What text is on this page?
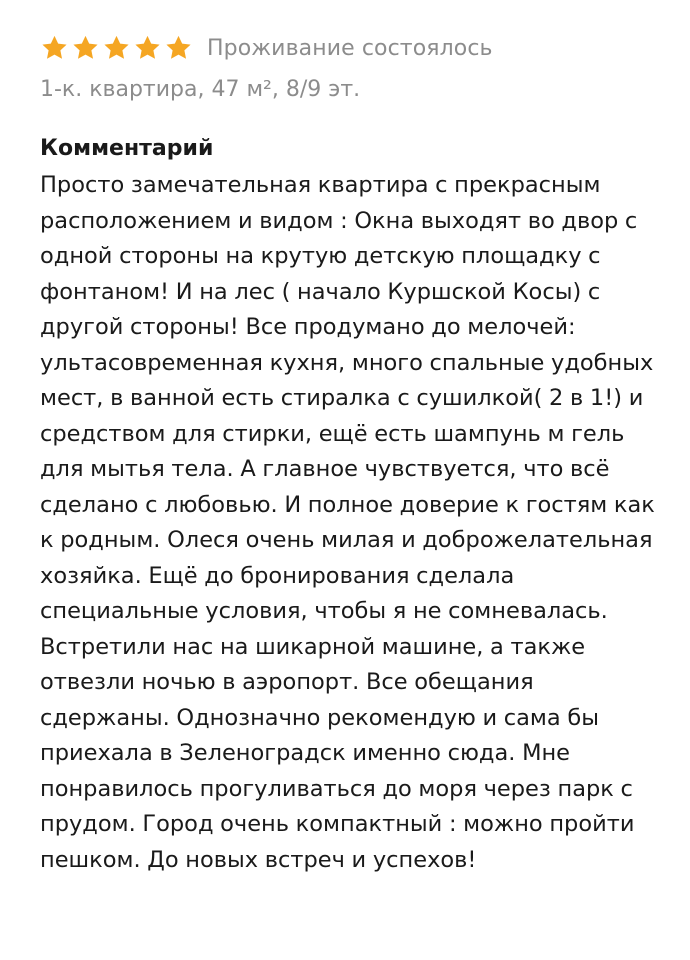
Проживание состоялось
1-к. квартира, 47 м², 8/9 эт.
Комментарий
Просто замечательная квартира с прекрасным расположением и видом : Окна выходят во двор с одной стороны на крутую детскую площадку с фонтаном! И на лес ( начало Куршской Косы) с другой стороны! Все продумано до мелочей: ультасовременная кухня, много спальные удобных мест, в ванной есть стиралка с сушилкой( 2 в 1!) и средством для стирки, ещё есть шампунь м гель для мытья тела. А главное чувствуется, что всё сделано с любовью. И полное доверие к гостям как к родным. Олеся очень милая и доброжелательная хозяйка. Ещё до бронирования сделала специальные условия, чтобы я не сомневалась. Встретили нас на шикарной машине, а также отвезли ночью в аэропорт. Все обещания сдержаны. Однозначно рекомендую и сама бы приехала в Зеленоградск именно сюда. Мне понравилось прогуливаться до моря через парк с прудом. Город очень компактный : можно пройти пешком. До новых встреч и успехов!
